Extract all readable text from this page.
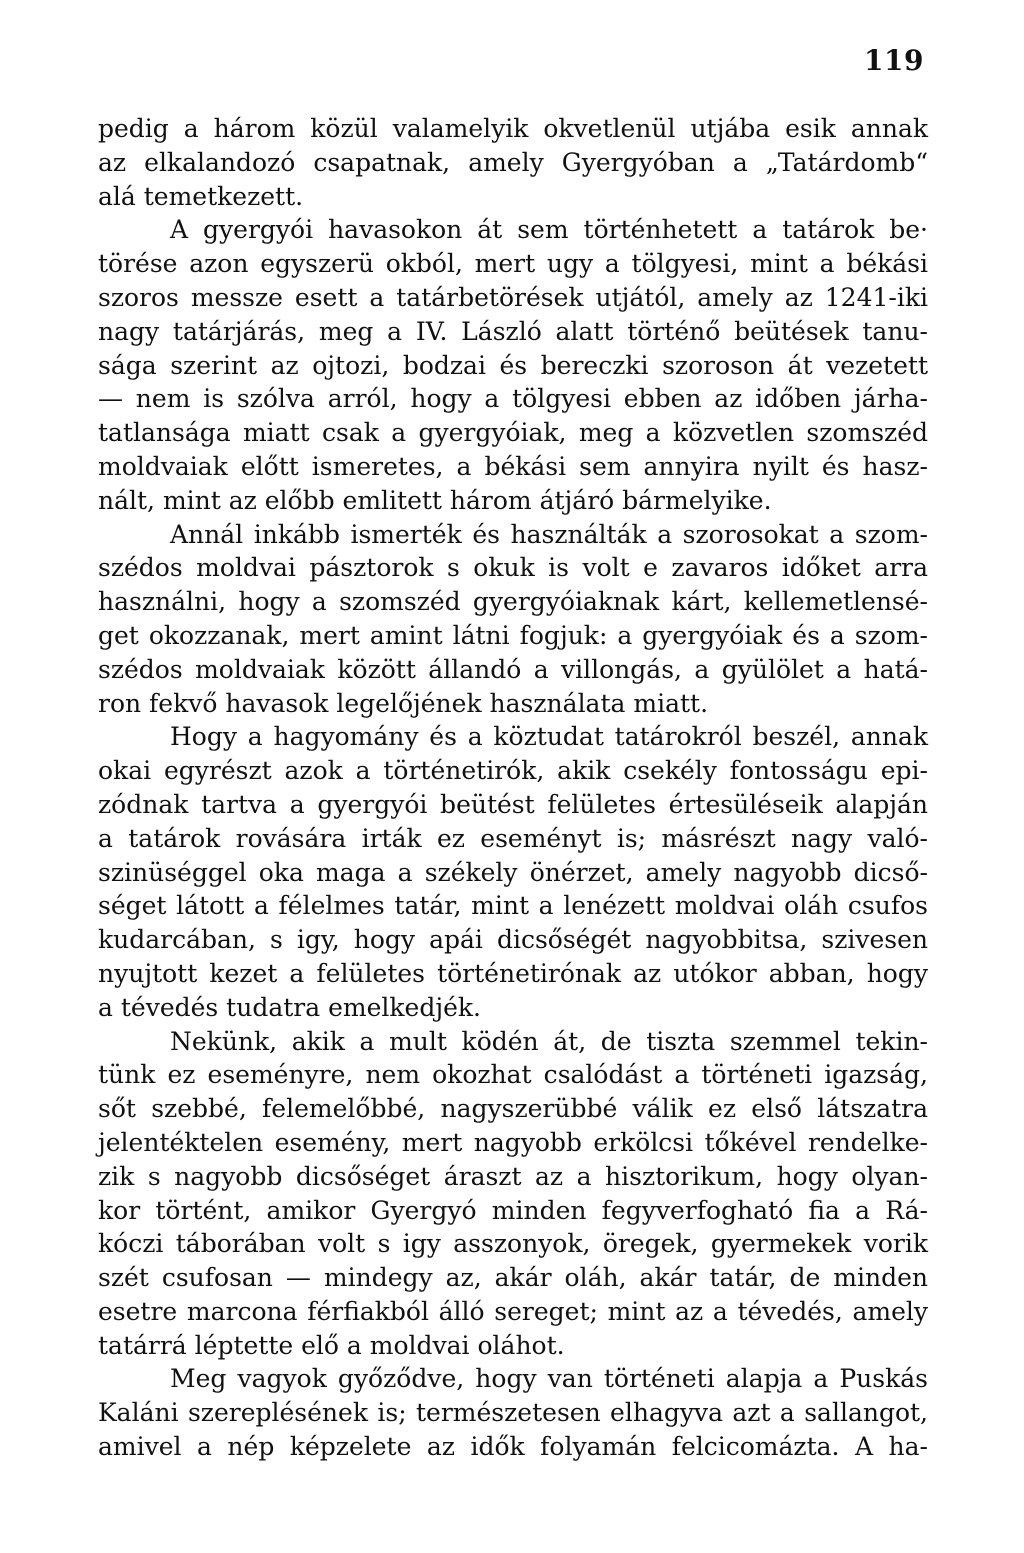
119
pedig a három közül valamelyik okvetlenül utjába esik annak
az elkalandozó csapatnak, amely Gyergyóban a „Tatárdomb“
alá temetkezett.
A gyergyói havasokon át sem történhetett a tatárok be·
törése azon egyszerü okból, mert ugy a tölgyesi, mint a békási
szoros messze esett a tatárbetörések utjától, amely az 1241-iki
nagy tatárjárás, meg a IV. László alatt történő beütések tanu-
sága szerint az ojtozi, bodzai és bereczki szoroson át vezetett
— nem is szólva arról, hogy a tölgyesi ebben az időben járha-
tatlansága miatt csak a gyergyóiak, meg a közvetlen szomszéd
moldvaiak előtt ismeretes, a békási sem annyira nyilt és hasz-
nált, mint az előbb emlitett három átjáró bármelyike.
Annál inkább ismerték és használták a szorosokat a szom-
szédos moldvai pásztorok s okuk is volt e zavaros időket arra
használni, hogy a szomszéd gyergyóiaknak kárt, kellemetlensé-
get okozzanak, mert amint látni fogjuk: a gyergyóiak és a szom-
szédos moldvaiak között állandó a villongás, a gyülölet a hatá-
ron fekvő havasok legelőjének használata miatt.
Hogy a hagyomány és a köztudat tatárokról beszél, annak
okai egyrészt azok a történetirók, akik csekély fontosságu epi-
zódnak tartva a gyergyói beütést felületes értesüléseik alapján
a tatárok rovására irták ez eseményt is; másrészt nagy való-
szinüséggel oka maga a székely önérzet, amely nagyobb dicső-
séget látott a félelmes tatár, mint a lenézett moldvai oláh csufos
kudarcában, s igy, hogy apái dicsőségét nagyobbitsa, szivesen
nyujtott kezet a felületes történetirónak az utókor abban, hogy
a tévedés tudatra emelkedjék.
Nekünk, akik a mult ködén át, de tiszta szemmel tekin-
tünk ez eseményre, nem okozhat csalódást a történeti igazság,
sőt szebbé, felemelőbbé, nagyszerübbé válik ez első látszatra
jelentéktelen esemény, mert nagyobb erkölcsi tőkével rendelke-
zik s nagyobb dicsőséget áraszt az a hisztorikum, hogy olyan-
kor történt, amikor Gyergyó minden fegyverfogható fia a Rá-
kóczi táborában volt s igy asszonyok, öregek, gyermekek vorik
szét csufosan — mindegy az, akár oláh, akár tatár, de minden
esetre marcona férfiakból álló sereget; mint az a tévedés, amely
tatárrá léptette elő a moldvai oláhot.
Meg vagyok győződve, hogy van történeti alapja a Puskás
Kaláni szereplésének is; természetesen elhagyva azt a sallangot,
amivel a nép képzelete az idők folyamán felcicomázta. A ha-
